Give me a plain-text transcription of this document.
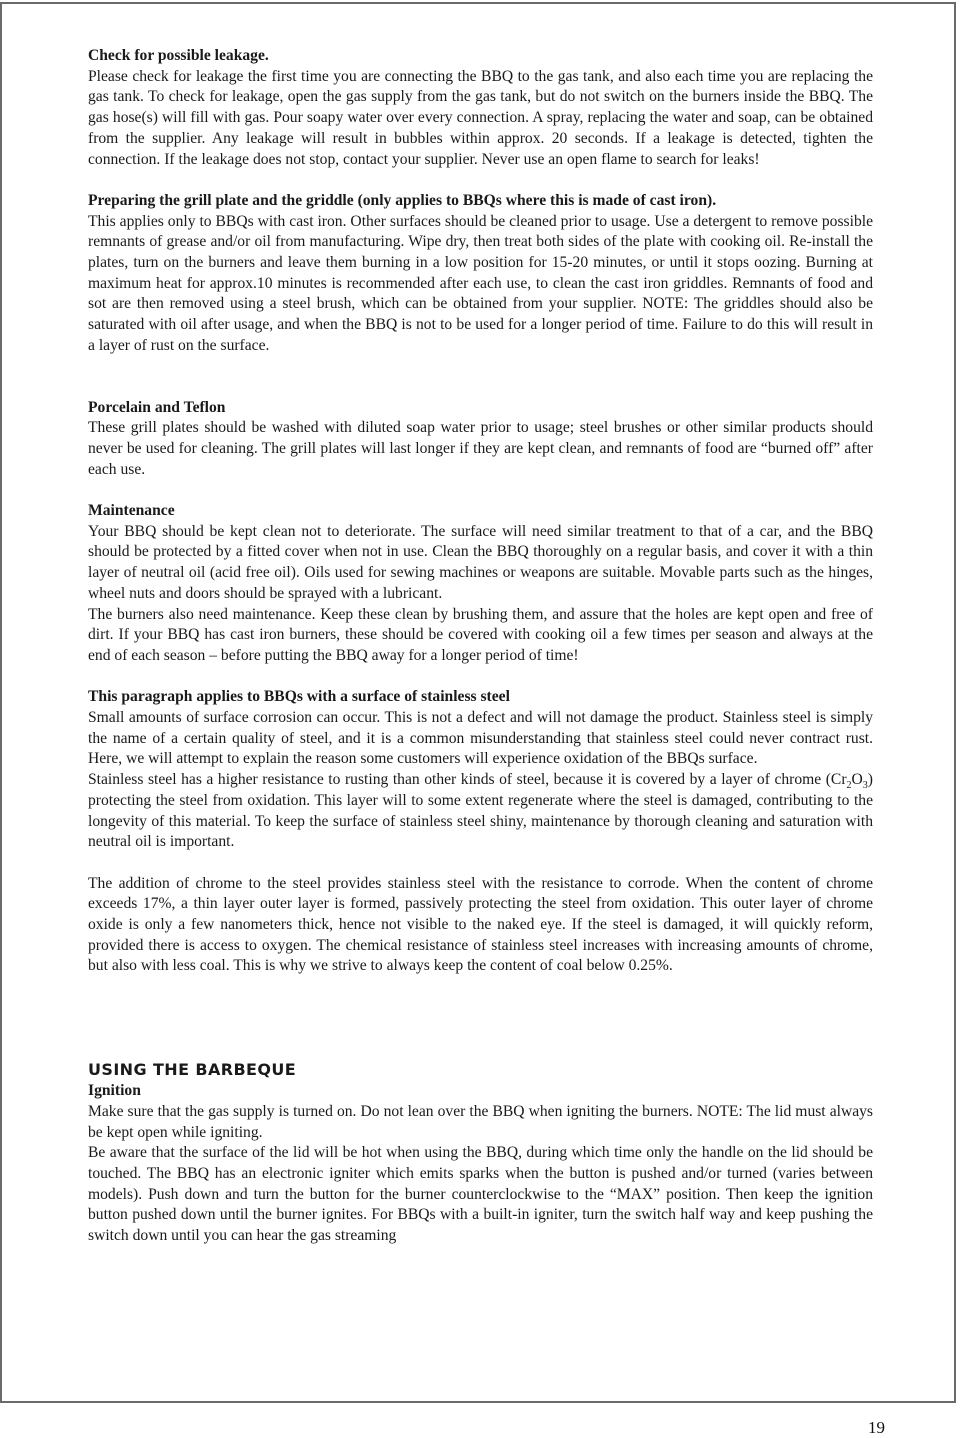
Check for possible leakage.

Please check for leakage the first time you are connecting the BBQ to the gas tank, and also each time you are replacing the gas tank. To check for leakage, open the gas supply from the gas tank, but do not switch on the burners inside the BBQ. The gas hose(s) will fill with gas. Pour soapy water over every connection. A spray, replacing the water and soap, can be obtained from the supplier. Any leakage will result in bubbles within approx. 20 seconds. If a leakage is detected, tighten the connection. If the leakage does not stop, contact your supplier. Never use an open flame to search for leaks!

Preparing the grill plate and the griddle (only applies to BBQs where this is made of cast iron).

This applies only to BBQs with cast iron. Other surfaces should be cleaned prior to usage. Use a detergent to remove possible remnants of grease and/or oil from manufacturing. Wipe dry, then treat both sides of the plate with cooking oil. Re-install the plates, turn on the burners and leave them burning in a low position for 15-20 minutes, or until it stops oozing. Burning at maximum heat for approx.10 minutes is recommended after each use, to clean the cast iron griddles. Remnants of food and sot are then removed using a steel brush, which can be obtained from your supplier. NOTE: The griddles should also be saturated with oil after usage, and when the BBQ is not to be used for a longer period of time. Failure to do this will result in a layer of rust on the surface.

Porcelain and Teflon

These grill plates should be washed with diluted soap water prior to usage; steel brushes or other similar products should never be used for cleaning. The grill plates will last longer if they are kept clean, and remnants of food are “burned off” after each use.

Maintenance

Your BBQ should be kept clean not to deteriorate. The surface will need similar treatment to that of a car, and the BBQ should be protected by a fitted cover when not in use. Clean the BBQ thoroughly on a regular basis, and cover it with a thin layer of neutral oil (acid free oil). Oils used for sewing machines or weapons are suitable. Movable parts such as the hinges, wheel nuts and doors should be sprayed with a lubricant.

The burners also need maintenance. Keep these clean by brushing them, and assure that the holes are kept open and free of dirt. If your BBQ has cast iron burners, these should be covered with cooking oil a few times per season and always at the end of each season – before putting the BBQ away for a longer period of time!

This paragraph applies to BBQs with a surface of stainless steel

Small amounts of surface corrosion can occur. This is not a defect and will not damage the product. Stainless steel is simply the name of a certain quality of steel, and it is a common misunderstanding that stainless steel could never contract rust. Here, we will attempt to explain the reason some customers will experience oxidation of the BBQs surface.

Stainless steel has a higher resistance to rusting than other kinds of steel, because it is covered by a layer of chrome $(Cr_2O_3)$ protecting the steel from oxidation. This layer will to some extent regenerate where the steel is damaged, contributing to the longevity of this material. To keep the surface of stainless steel shiny, maintenance by thorough cleaning and saturation with neutral oil is important.

The addition of chrome to the steel provides stainless steel with the resistance to corrode. When the content of chrome exceeds 17%, a thin layer outer layer is formed, passively protecting the steel from oxidation. This outer layer of chrome oxide is only a few nanometers thick, hence not visible to the naked eye. If the steel is damaged, it will quickly reform, provided there is access to oxygen. The chemical resistance of stainless steel increases with increasing amounts of chrome, but also with less coal. This is why we strive to always keep the content of coal below 0.25%.

USING THE BARBEQUE

Ignition

Make sure that the gas supply is turned on. Do not lean over the BBQ when igniting the burners. NOTE: The lid must always be kept open while igniting.

Be aware that the surface of the lid will be hot when using the BBQ, during which time only the handle on the lid should be touched. The BBQ has an electronic igniter which emits sparks when the button is pushed and/or turned (varies between models). Push down and turn the button for the burner counterclockwise to the “MAX” position. Then keep the ignition button pushed down until the burner ignites. For BBQs with a built-in igniter, turn the switch half way and keep pushing the switch down until you can hear the gas streaming

19
